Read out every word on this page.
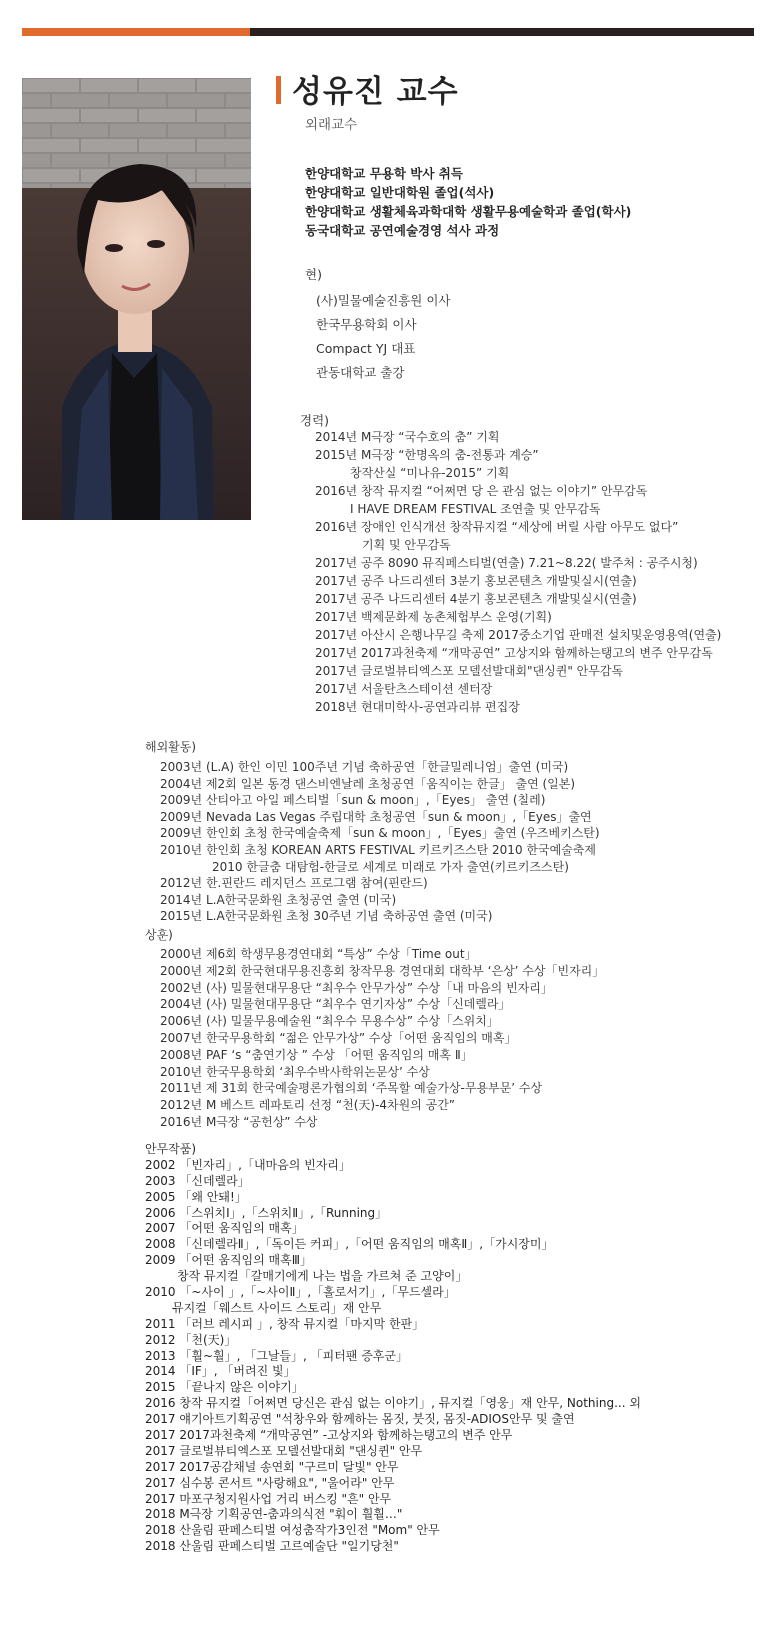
성유진 교수
외래교수
한양대학교 무용학 박사 취득
한양대학교 일반대학원 졸업(석사)
한양대학교 생활체육과학대학 생활무용예술학과 졸업(학사)
동국대학교 공연예술경영 석사 과정
현)
(사)밀물예술진흥원 이사
한국무용학회 이사
Compact YJ 대표
관동대학교 출강
경력)
2014년 M극장 “국수호의 춤” 기획
2015년 M극장 “한명옥의 춤-전통과 계승”
창작산실 “미나유-2015” 기획
2016년 창작 뮤지컬 “어쩌면 당 은 관심 없는 이야기” 안무감독
I HAVE DREAM FESTIVAL 조연출 및 안무감독
2016년 장애인 인식개선 창작뮤지컬 “세상에 버릴 사람 아무도 없다”
기획 및 안무감독
2017년 공주 8090 뮤직페스티벌(연출) 7.21~8.22( 발주처 : 공주시청)
2017년 공주 나드리센터 3분기 홍보콘텐츠 개발및실시(연출)
2017년 공주 나드리센터 4분기 홍보콘텐츠 개발및실시(연출)
2017년 백제문화제 농촌체험부스 운영(기획)
2017년 아산시 은행나무길 축제 2017중소기업 판매전 설치및운영용역(연출)
2017년 2017과천축제 “개막공연” 고상지와 함께하는탱고의 변주 안무감독
2017년 글로벌뷰티엑스포 모델선발대회"댄싱퀸" 안무감독
2017년 서울탄츠스테이션 센터장
2018년 현대미학사-공연과리뷰 편집장
해외활동)
2003년 (L.A) 한인 이민 100주년 기념 축하공연「한글밀레니엄」출연 (미국)
2004년 제2회 일본 동경 댄스비엔날레 초청공연「움직이는 한글」 출연 (일본)
2009년 산티아고 아일 페스티벌「sun & moon」,「Eyes」 출연 (칠레)
2009년 Nevada Las Vegas 주립대학 초청공연「sun & moon」,「Eyes」출연
2009년 한인회 초청 한국예술축제「sun & moon」,「Eyes」출연 (우즈베키스탄)
2010년 한인회 초청 KOREAN ARTS FESTIVAL 키르키즈스탄 2010 한국예술축제
2010 한글춤 대탐험-한글로 세계로 미래로 가자 출연(키르키즈스탄)
2012년 한.핀란드 레지던스 프로그램 참여(핀란드)
2014년 L.A한국문화원 초청공연 출연 (미국)
2015년 L.A한국문화원 초청 30주년 기념 축하공연 출연 (미국)
상훈)
2000년 제6회 학생무용경연대회 “특상” 수상「Time out」
2000년 제2회 한국현대무용진흥회 창작무용 경연대회 대학부 ‘은상’ 수상「빈자리」
2002년 (사) 밀물현대무용단 “최우수 안무가상” 수상「내 마음의 빈자리」
2004년 (사) 밀물현대무용단 “최우수 연기자상” 수상「신데렐라」
2006년 (사) 밀물무용예술원 “최우수 무용수상” 수상「스위치」
2007년 한국무용학회 “젊은 안무가상” 수상「어떤 움직임의 매혹」
2008년 PAF ‘s “춤연기상 ” 수상 「어떤 움직임의 매혹 Ⅱ」
2010년 한국무용학회 ‘최우수박사학위논문상’ 수상
2011년 제 31회 한국예술평론가협의회 ‘주목할 예술가상-무용부문’ 수상
2012년 M 베스트 레파토리 선정 “천(天)-4차원의 공간”
2016년 M극장 “공헌상” 수상
안무작품)
2002 「빈자리」,「내마음의 빈자리」
2003 「신데렐라」
2005 「왜 안돼!」
2006 「스위치Ⅰ」,「스위치Ⅱ」,「Running」
2007 「어떤 움직임의 매혹」
2008 「신데렐라Ⅱ」,「독이든 커피」,「어떤 움직임의 매혹Ⅱ」,「가시장미」
2009 「어떤 움직임의 매혹Ⅲ」
창작 뮤지컬「갈매기에게 나는 법을 가르쳐 준 고양이」
2010 「~사이 」,「~사이Ⅱ」,「홀로서기」,「무드셀라」
뮤지컬「웨스트 사이드 스토리」재 안무
2011 「러브 레시피 」, 창작 뮤지컬「마지막 한판」
2012 「천(天)」
2013 「훨~훨」, 「그날들」, 「피터팬 증후군」
2014 「IF」, 「버려진 빛」
2015 「끝나지 않은 이야기」
2016 창작 뮤지컬「어쩌면 당신은 관심 없는 이야기」, 뮤지컬「영웅」재 안무, Nothing... 외
2017 얘기아트기획공연 "석창우와 함께하는 몸짓, 붓짓, 몸짓-ADIOS안무 및 출연
2017 2017과천축제 “개막공연” -고상지와 함께하는탱고의 변주 안무
2017 글로벌뷰티엑스포 모델선발대회 "댄싱퀸" 안무
2017 2017공감채널 송연회 "구르미 달빛" 안무
2017 심수봉 콘서트 "사랑해요", "울어라" 안무
2017 마포구청지원사업 거리 버스킹 "흔" 안무
2018 M극장 기획공연-춤과의식전 "훠이 훨훨…"
2018 산울림 판페스티벌 여성춤작가3인전 "Mom" 안무
2018 산울림 판페스티벌 고르예술단 "일기당천"
